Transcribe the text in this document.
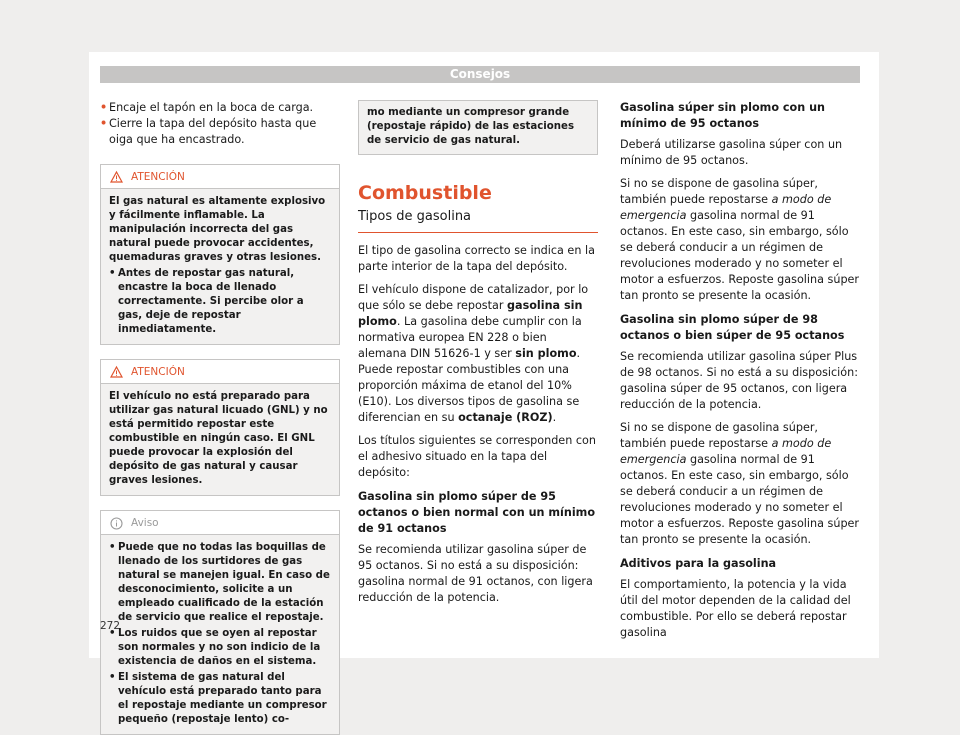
Consejos
• Encaje el tapón en la boca de carga.
• Cierre la tapa del depósito hasta que oiga que ha encastrado.
ATENCIÓN

El gas natural es altamente explosivo y fácilmente inflamable. La manipulación incorrecta del gas natural puede provocar accidentes, quemaduras graves y otras lesiones.

• Antes de repostar gas natural, encastre la boca de llenado correctamente. Si percibe olor a gas, deje de repostar inmediatamente.
ATENCIÓN

El vehículo no está preparado para utilizar gas natural licuado (GNL) y no está permitido repostar este combustible en ningún caso. El GNL puede provocar la explosión del depósito de gas natural y causar graves lesiones.

Aviso
• Puede que no todas las boquillas de llenado de los surtidores de gas natural se manejen igual. En caso de desconocimiento, solicite a un empleado cualificado de la estación de servicio que realice el repostaje.
• Los ruidos que se oyen al repostar son normales y no son indicio de la existencia de daños en el sistema.
• El sistema de gas natural del vehículo está preparado tanto para el repostaje mediante un compresor pequeño (repostaje lento) co-
mo mediante un compresor grande (repostaje rápido) de las estaciones de servicio de gas natural.
Combustible
Tipos de gasolina

El tipo de gasolina correcto se indica en la parte interior de la tapa del depósito.

El vehículo dispone de catalizador, por lo que sólo se debe repostar gasolina sin plomo. La gasolina debe cumplir con la normativa europea EN 228 o bien alemana DIN 51626-1 y ser sin plomo. Puede repostar combustibles con una proporción máxima de etanol del 10% (E10). Los diversos tipos de gasolina se diferencian en su octanaje (ROZ).

Los títulos siguientes se corresponden con el adhesivo situado en la tapa del depósito:

Gasolina sin plomo súper de 95 octanos o bien normal con un mínimo de 91 octanos

Se recomienda utilizar gasolina súper de 95 octanos. Si no está a su disposición: gasolina normal de 91 octanos, con ligera reducción de la potencia.

Gasolina súper sin plomo con un mínimo de 95 octanos

Deberá utilizarse gasolina súper con un mínimo de 95 octanos.

Si no se dispone de gasolina súper, también puede repostarse a modo de emergencia gasolina normal de 91 octanos. En este caso, sin embargo, sólo se deberá conducir a un régimen de revoluciones moderado y no someter el motor a esfuerzos. Reposte gasolina súper tan pronto se presente la ocasión.

Gasolina sin plomo súper de 98 octanos o bien súper de 95 octanos

Se recomienda utilizar gasolina súper Plus de 98 octanos. Si no está a su disposición: gasolina súper de 95 octanos, con ligera reducción de la potencia.

Si no se dispone de gasolina súper, también puede repostarse a modo de emergencia gasolina normal de 91 octanos. En este caso, sin embargo, sólo se deberá conducir a un régimen de revoluciones moderado y no someter el motor a esfuerzos. Reposte gasolina súper tan pronto se presente la ocasión.

Aditivos para la gasolina

El comportamiento, la potencia y la vida útil del motor dependen de la calidad del combustible. Por ello se deberá repostar gasolina

272
